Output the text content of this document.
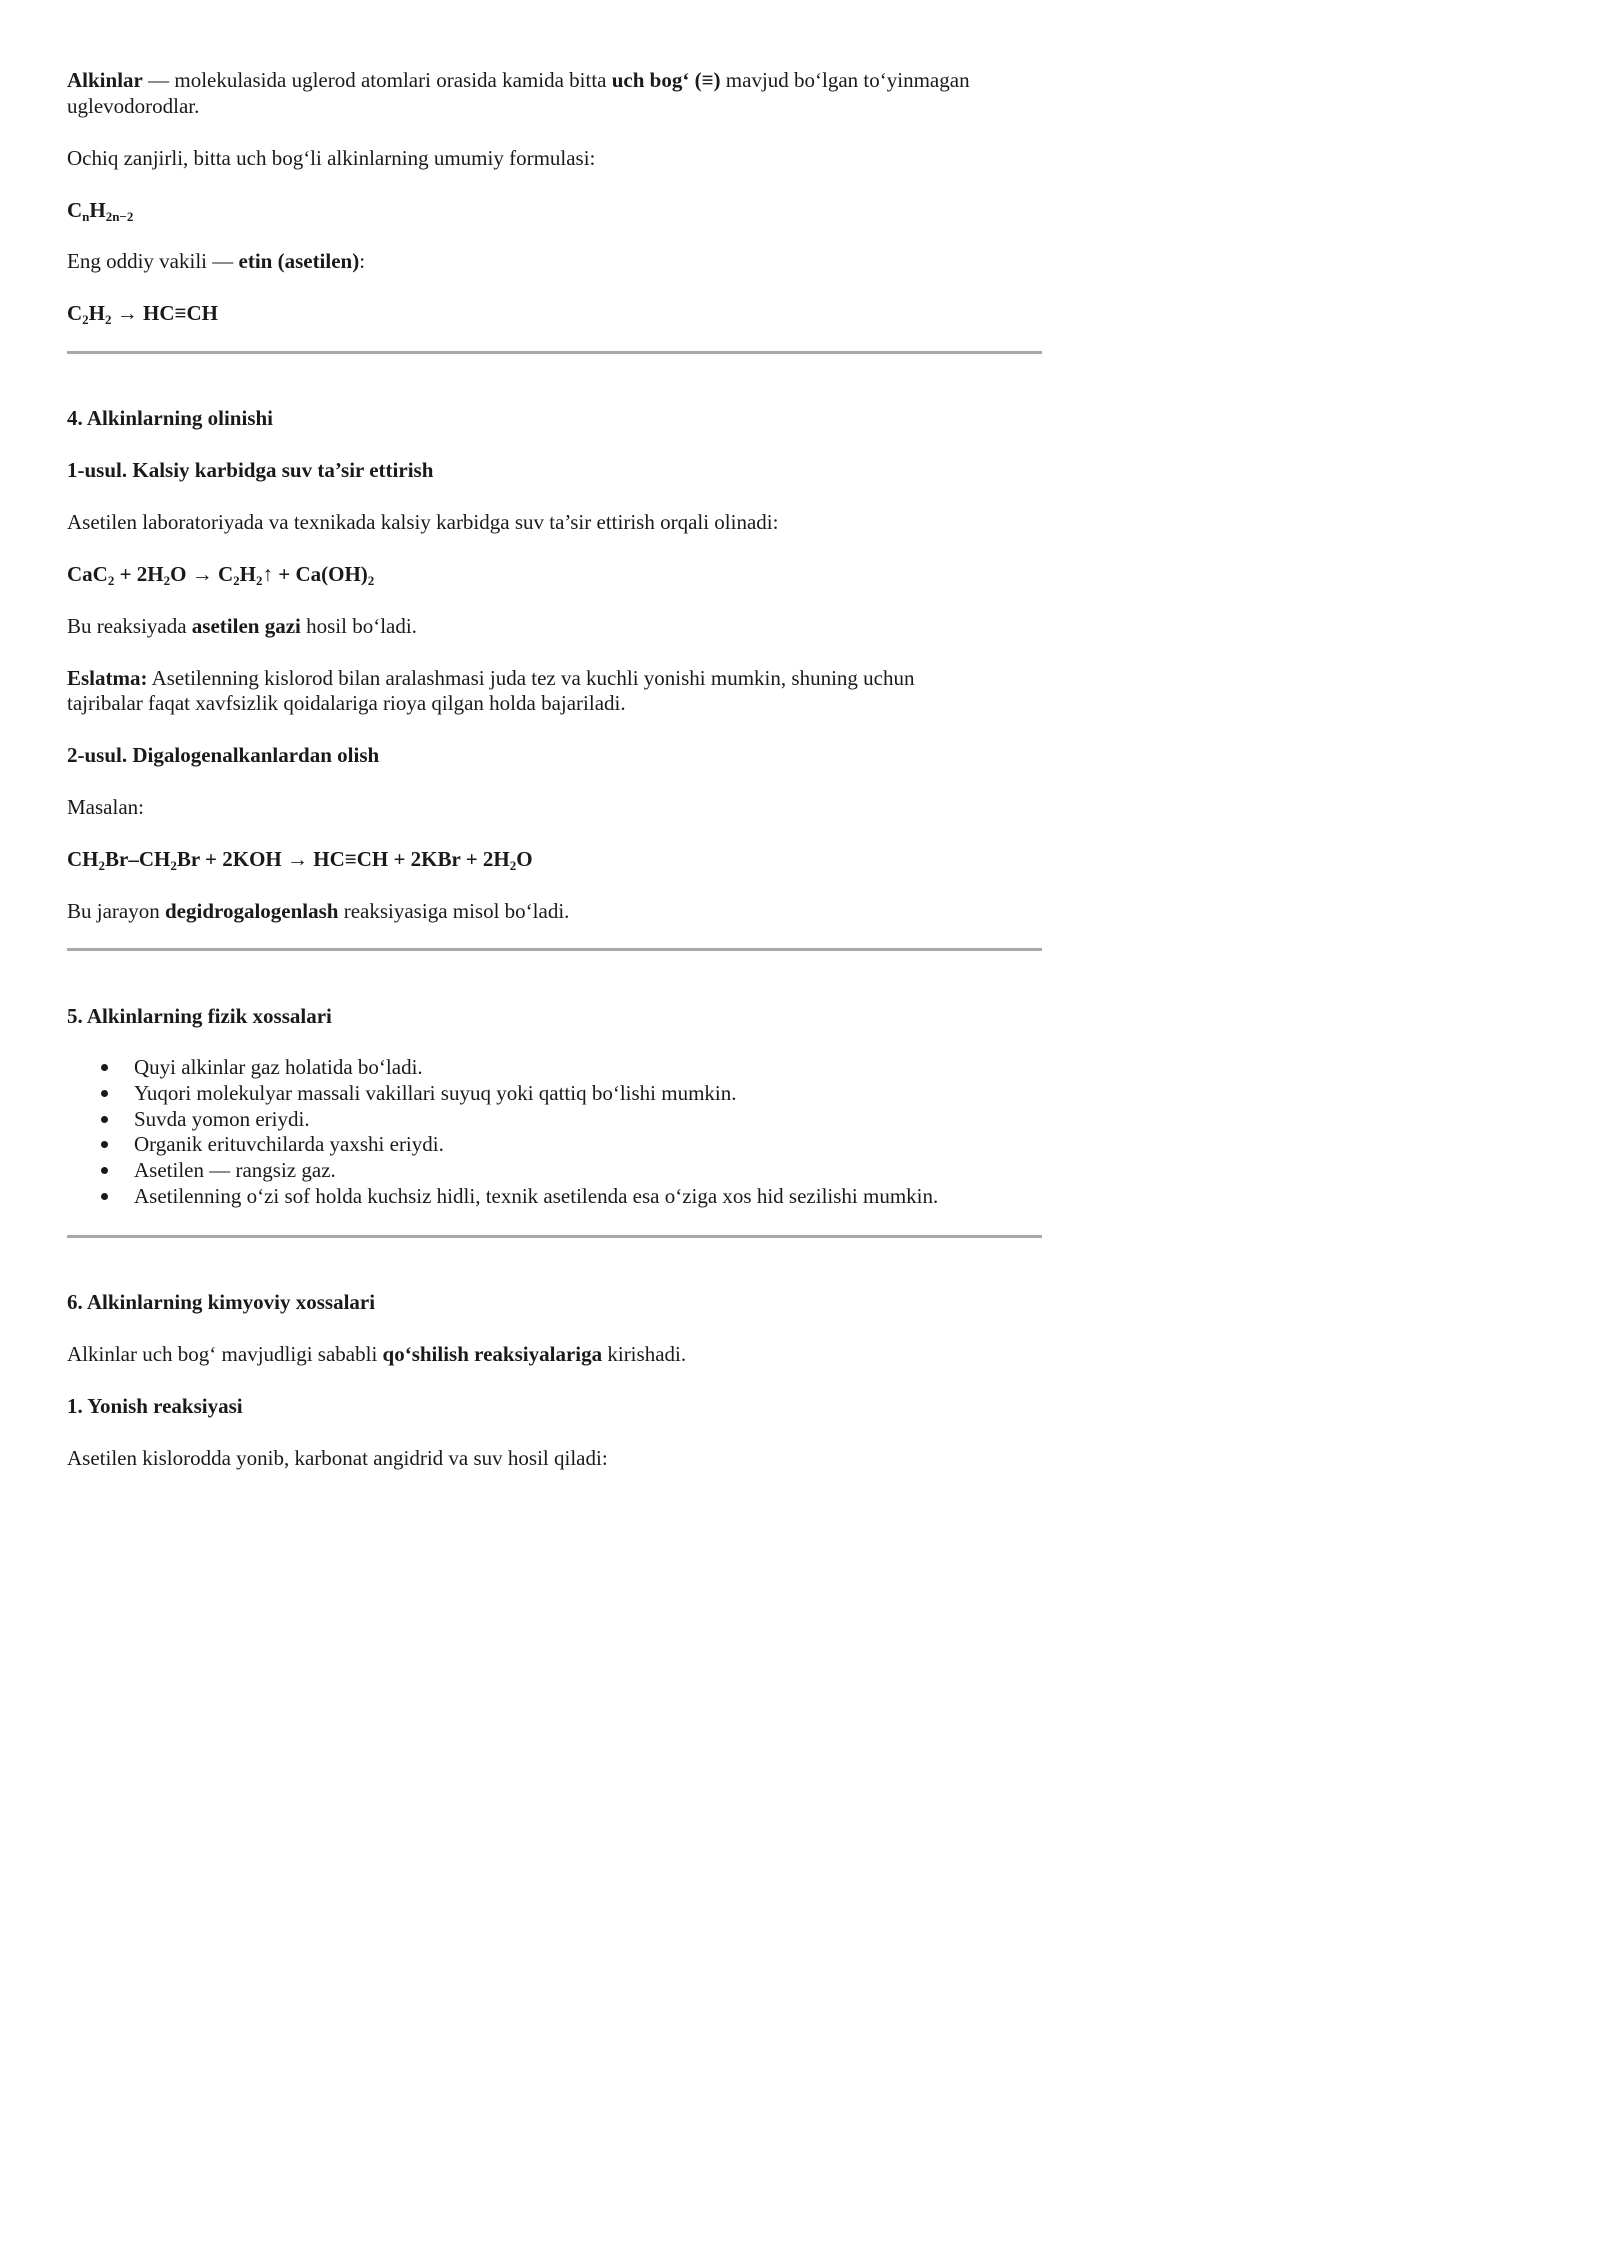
Alkinlar — molekulasida uglerod atomlari orasida kamida bitta uch bog‘ (≡) mavjud bo‘lgan to‘yinmagan

uglevodorodlar.

Ochiq zanjirli, bitta uch bog‘li alkinlarning umumiy formulasi:

$C_nH_{2n-2}$

Eng oddiy vakili — etin (asetilen):

$C_2H_2 \to HC\equiv CH$

4. Alkinlarning olinishi

1-usul. Kalsiy karbidga suv ta’sir ettirish

Asetilen laboratoriyada va texnikada kalsiy karbidga suv ta’sir ettirish orqali olinadi:

$CaC_2 + 2H_2O$ → $C_2H_2↑ + Ca(OH)_2$

Bu reaksiyada asetilen gazi hosil bo‘ladi.

Eslatma: Asetilenning kislorod bilan aralashmasi juda tez va kuchli yonishi mumkin, shuning uchun

tajribalar faqat xavfsizlik qoidalariga rioya qilgan holda bajariladi.

2-usul. Digalogenalkanlardan olish

Masalan:

$CH_2Br-CH_2Br + 2KOH \to HC\equiv CH + 2KBr + 2H_2O$

Bu jarayon degidrogalogenlash reaksiyasiga misol bo‘ladi.

5. Alkinlarning fizik xossalari

Quyi alkinlar gaz holatida bo‘ladi.
Yuqori molekulyar massali vakillari suyuq yoki qattiq bo‘lishi mumkin.
Suvda yomon eriydi.
Organik erituvchilarda yaxshi eriydi.
Asetilen — rangsiz gaz.
Asetilenning o‘zi sof holda kuchsiz hidli, texnik asetilenda esa o‘ziga xos hid sezilishi mumkin.

6. Alkinlarning kimyoviy xossalari

Alkinlar uch bog‘ mavjudligi sababli qo‘shilish reaksiyalariga kirishadi.

1. Yonish reaksiyasi

Asetilen kislorodda yonib, karbonat angidrid va suv hosil qiladi:
